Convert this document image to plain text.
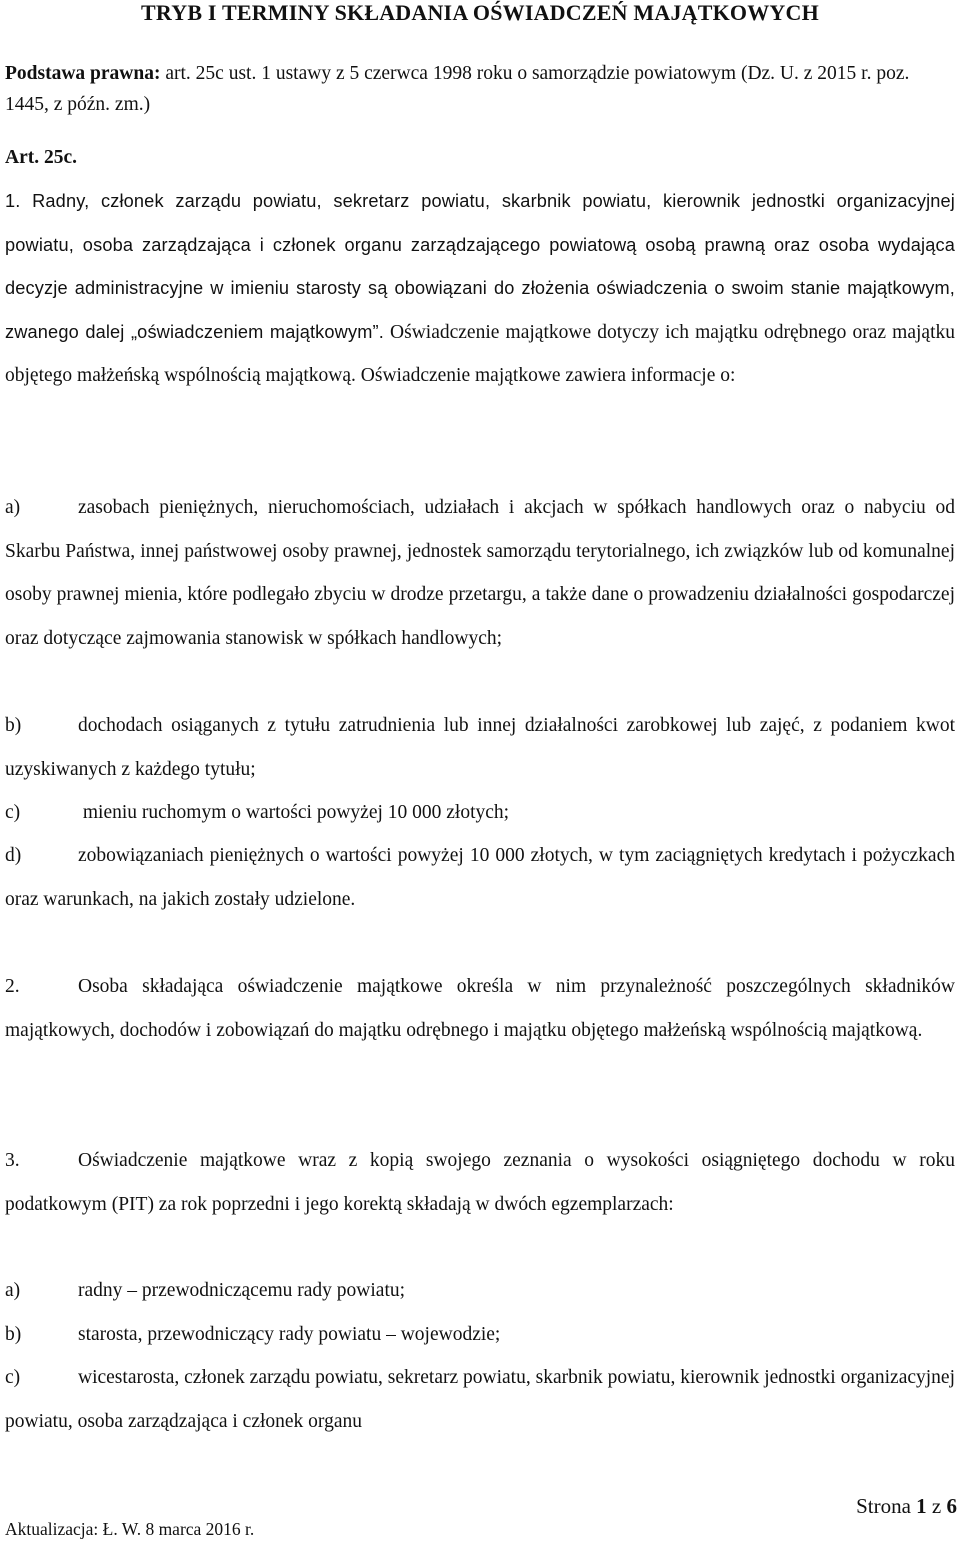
TRYB I TERMINY SKŁADANIA OŚWIADCZEŃ MAJĄTKOWYCH
Podstawa prawna: art. 25c ust. 1 ustawy z 5 czerwca 1998 roku o samorządzie powiatowym (Dz. U. z 2015 r. poz. 1445, z późn. zm.)
Art. 25c.
1. Radny, członek zarządu powiatu, sekretarz powiatu, skarbnik powiatu, kierownik jednostki organizacyjnej powiatu, osoba zarządzająca i członek organu zarządzającego powiatową osobą prawną oraz osoba wydająca decyzje administracyjne w imieniu starosty są obowiązani do złożenia oświadczenia o swoim stanie majątkowym, zwanego dalej „oświadczeniem majątkowym”. Oświadczenie majątkowe dotyczy ich majątku odrębnego oraz majątku objętego małżeńską wspólnością majątkową. Oświadczenie majątkowe zawiera informacje o:
a)	zasobach pieniężnych, nieruchomościach, udziałach i akcjach w spółkach handlowych oraz o nabyciu od Skarbu Państwa, innej państwowej osoby prawnej, jednostek samorządu terytorialnego, ich związków lub od komunalnej osoby prawnej mienia, które podlegało zbyciu w drodze przetargu, a także dane o prowadzeniu działalności gospodarczej oraz dotyczące zajmowania stanowisk w spółkach handlowych;
b)	dochodach osiąganych z tytułu zatrudnienia lub innej działalności zarobkowej lub zajęć, z podaniem kwot uzyskiwanych z każdego tytułu;
c)	mieniu ruchomym o wartości powyżej 10 000 złotych;
d)	zobowiązaniach pieniężnych o wartości powyżej 10 000 złotych, w tym zaciągniętych kredytach i pożyczkach oraz warunkach, na jakich zostały udzielone.
2.	Osoba składająca oświadczenie majątkowe określa w nim przynależność poszczególnych składników majątkowych, dochodów i zobowiązań do majątku odrębnego i majątku objętego małżeńską wspólnością majątkową.
3.	Oświadczenie majątkowe wraz z kopią swojego zeznania o wysokości osiągniętego dochodu w roku podatkowym (PIT) za rok poprzedni i jego korektą składają w dwóch egzemplarzach:
a)	radny – przewodniczącemu rady powiatu;
b)	starosta, przewodniczący rady powiatu – wojewodzie;
c)	wicestarosta, członek zarządu powiatu, sekretarz powiatu, skarbnik powiatu, kierownik jednostki organizacyjnej powiatu, osoba zarządzająca i członek organu
Strona 1 z 6
Aktualizacja: Ł. W. 8 marca 2016 r.
